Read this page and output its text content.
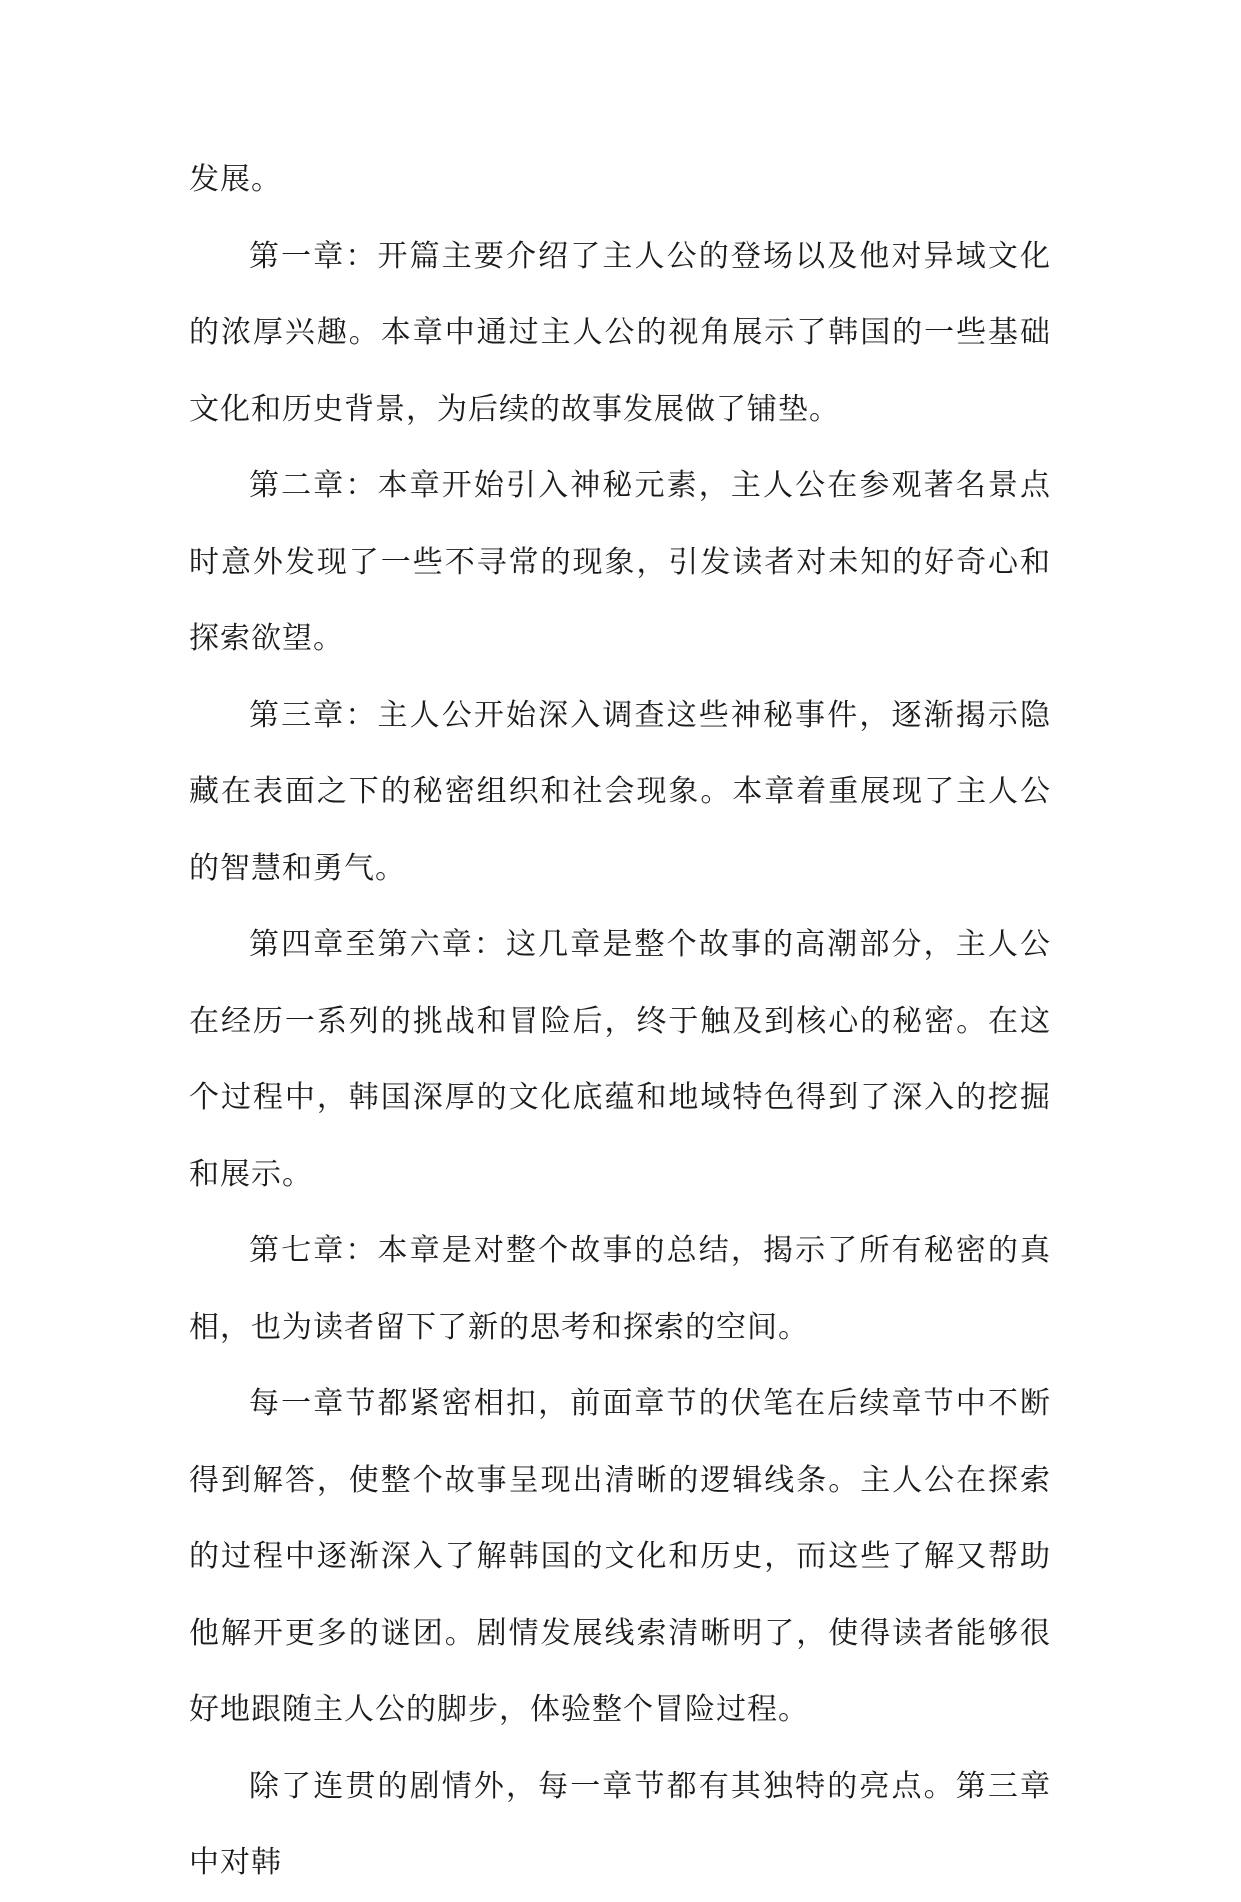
发展。

第一章：开篇主要介绍了主人公的登场以及他对异域文化的浓厚兴趣。本章中通过主人公的视角展示了韩国的一些基础文化和历史背景，为后续的故事发展做了铺垫。

第二章：本章开始引入神秘元素，主人公在参观著名景点时意外发现了一些不寻常的现象，引发读者对未知的好奇心和探索欲望。

第三章：主人公开始深入调查这些神秘事件，逐渐揭示隐藏在表面之下的秘密组织和社会现象。本章着重展现了主人公的智慧和勇气。

第四章至第六章：这几章是整个故事的高潮部分，主人公在经历一系列的挑战和冒险后，终于触及到核心的秘密。在这个过程中，韩国深厚的文化底蕴和地域特色得到了深入的挖掘和展示。

第七章：本章是对整个故事的总结，揭示了所有秘密的真相，也为读者留下了新的思考和探索的空间。

每一章节都紧密相扣，前面章节的伏笔在后续章节中不断得到解答，使整个故事呈现出清晰的逻辑线条。主人公在探索的过程中逐渐深入了解韩国的文化和历史，而这些了解又帮助他解开更多的谜团。剧情发展线索清晰明了，使得读者能够很好地跟随主人公的脚步，体验整个冒险过程。

除了连贯的剧情外，每一章节都有其独特的亮点。第三章中对韩
